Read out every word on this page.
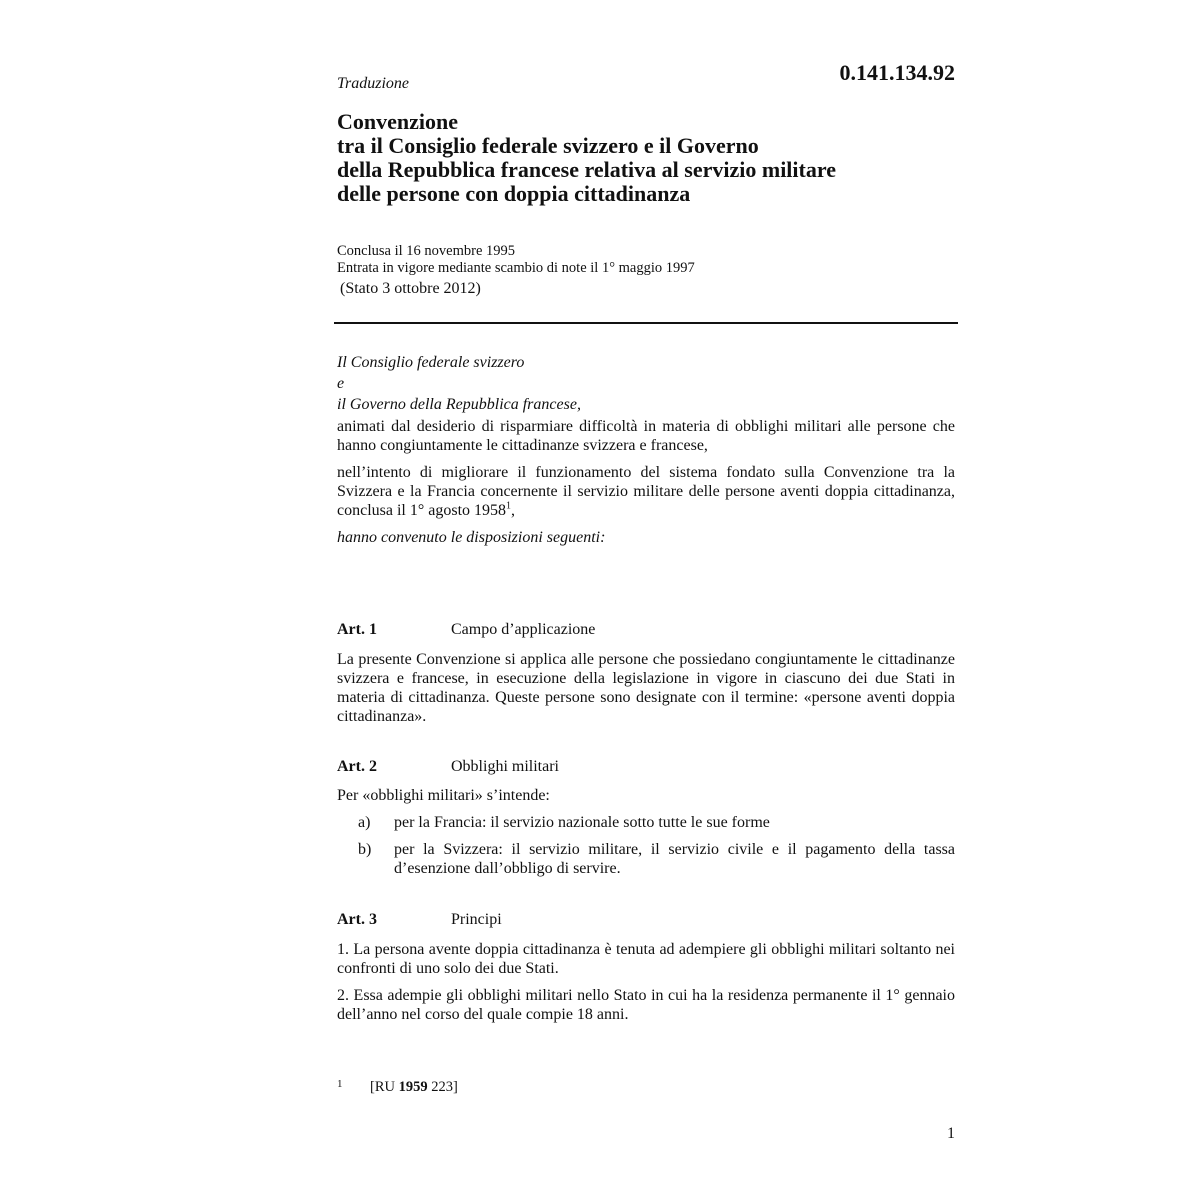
Traduzione	0.141.134.92
Convenzione
tra il Consiglio federale svizzero e il Governo
della Repubblica francese relativa al servizio militare
delle persone con doppia cittadinanza
Conclusa il 16 novembre 1995
Entrata in vigore mediante scambio di note il 1° maggio 1997
(Stato 3 ottobre 2012)
Il Consiglio federale svizzero
e
il Governo della Repubblica francese,

animati dal desiderio di risparmiare difficoltà in materia di obblighi militari alle persone che hanno congiuntamente le cittadinanze svizzera e francese,

nell’intento di migliorare il funzionamento del sistema fondato sulla Convenzione tra la Svizzera e la Francia concernente il servizio militare delle persone aventi doppia cittadinanza, conclusa il 1° agosto 1958$^1$,

hanno convenuto le disposizioni seguenti:

Art. 1	Campo d’applicazione

La presente Convenzione si applica alle persone che possiedano congiuntamente le cittadinanze svizzera e francese, in esecuzione della legislazione in vigore in ciascuno dei due Stati in materia di cittadinanza. Queste persone sono designate con il termine: «persone aventi doppia cittadinanza».

Art. 2	Obblighi militari

Per «obblighi militari» s’intende:

a)	per la Francia: il servizio nazionale sotto tutte le sue forme
b)	per la Svizzera: il servizio militare, il servizio civile e il pagamento della tassa d’esenzione dall’obbligo di servire.
Art. 3	Principi

1. La persona avente doppia cittadinanza è tenuta ad adempiere gli obblighi militari soltanto nei confronti di uno solo dei due Stati.

2. Essa adempie gli obblighi militari nello Stato in cui ha la residenza permanente il 1° gennaio dell’anno nel corso del quale compie 18 anni.

1 [RU 1959 223]
1
